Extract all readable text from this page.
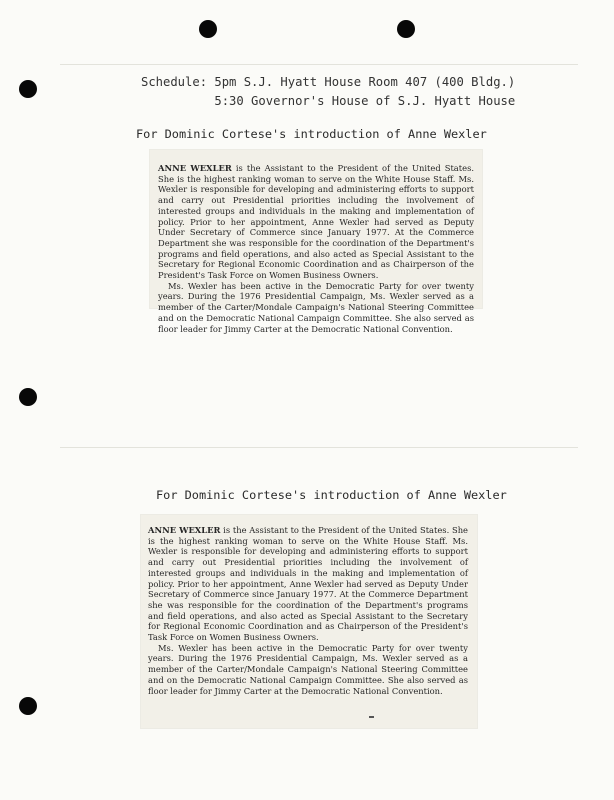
Schedule: 5pm S.J. Hyatt House Room 407 (400 Bldg.)
5:30 Governor's House of S.J. Hyatt House
For Dominic Cortese's introduction of Anne Wexler

ANNE WEXLER is the Assistant to the President of the United States. She is the highest ranking woman to serve on the White House Staff. Ms. Wexler is responsible for developing and administering efforts to support and carry out Presidential priorities including the involvement of interested groups and individuals in the making and implementation of policy. Prior to her appointment, Anne Wexler had served as Deputy Under Secretary of Commerce since January 1977. At the Commerce Department she was responsible for the coordination of the Department's programs and field operations, and also acted as Special Assistant to the Secretary for Regional Economic Coordination and as Chairperson of the President's Task Force on Women Business Owners.

Ms. Wexler has been active in the Democratic Party for over twenty years. During the 1976 Presidential Campaign, Ms. Wexler served as a member of the Carter/Mondale Campaign's National Steering Committee and on the Democratic National Campaign Committee. She also served as floor leader for Jimmy Carter at the Democratic National Convention.

For Dominic Cortese's introduction of Anne Wexler

ANNE WEXLER is the Assistant to the President of the United States. She is the highest ranking woman to serve on the White House Staff. Ms. Wexler is responsible for developing and administering efforts to support and carry out Presidential priorities including the involvement of interested groups and individuals in the making and implementation of policy. Prior to her appointment, Anne Wexler had served as Deputy Under Secretary of Commerce since January 1977. At the Commerce Department she was responsible for the coordination of the Department's programs and field operations, and also acted as Special Assistant to the Secretary for Regional Economic Coordination and as Chairperson of the President's Task Force on Women Business Owners.

Ms. Wexler has been active in the Democratic Party for over twenty years. During the 1976 Presidential Campaign, Ms. Wexler served as a member of the Carter/Mondale Campaign's National Steering Committee and on the Democratic National Campaign Committee. She also served as floor leader for Jimmy Carter at the Democratic National Convention.
